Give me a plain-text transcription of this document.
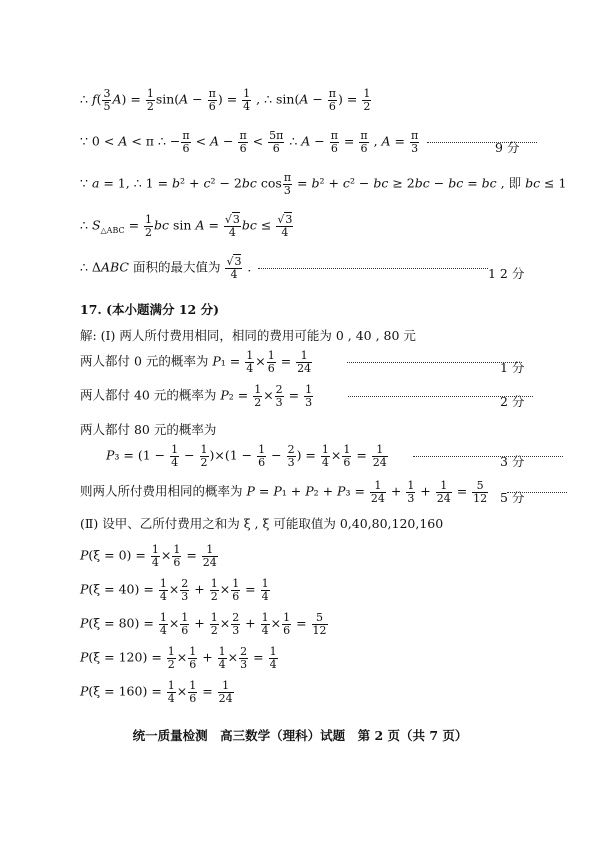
∴ $f( \frac{3}{5} A) = \frac{1}{2} \sin(A - \frac{\pi}{6}$ ) = $\frac{1}{4}$ , ∴ $\sin(A - \frac{\pi}{6}$ ) = $\frac{1}{2}$
∵ 0 < A < π ∴ − $\frac{\pi}{6} < A - \frac{\pi}{6} < \frac{5\pi}{6}$ ∴ $A - \frac{\pi}{6} = \frac{\pi}{6}$ , $A = \frac{\pi}{3}$
	9 分
∵ a = 1, ∴ 1 = b² + c² − 2bc $\cos \frac{\pi}{3} = b^2 + c^2$ − bc ≥ 2bc − bc = bc , 即 bc ≤ 1
∴ $S_{\triangle ABC} = \frac{1}{2}$ bc $\sin A = \frac{√3}{4}$ bc ≤ $\frac{√3}{4}$
∴ ΔABC 面积的最大值为 $\frac{√3}{4}$ .	1 2 分
17. (本小题满分 12 分)
解: (Ⅰ) 两人所付费用相同，相同的费用可能为 0 , 40 , 80 元
两人都付 0 元的概率为 $P_1 = \frac{1}{4} \times \frac{1}{6} = \frac{1}{24}$
	1 分
两人都付 40 元的概率为 $P_2 = \frac{1}{2} \times \frac{2}{3} = \frac{1}{3}$
	2 分
两人都付 80 元的概率为
$P_3 = (1 - \frac{1}{4} - \frac{1}{2} )\times(1 - \frac{1}{6} - \frac{2}{3}$ ) = $\frac{1}{4} \times \frac{1}{6} = \frac{1}{24}$
	3 分
则两人所付费用相同的概率为 $P = P_1 + P_2 + P_3 = \frac{1}{24} + \frac{1}{3} + \frac{1}{24} = \frac{5}{12}$
5 分
(Ⅱ) 设甲、乙所付费用之和为 ξ , ξ 可能取值为 0,40,80,120,160
$P(\xi = 0) = \frac{1}{4} \times \frac{1}{6} = \frac{1}{24}$
$P(\xi = 40) = \frac{1}{4} \times \frac{2}{3} + \frac{1}{2} \times \frac{1}{6} = \frac{1}{4}$
$P(\xi = 80) = \frac{1}{4} \times \frac{1}{6} + \frac{1}{2} \times \frac{2}{3} + \frac{1}{4} \times \frac{1}{6} = \frac{5}{12}$
$P(\xi = 120) = \frac{1}{2} \times \frac{1}{6} + \frac{1}{4} \times \frac{2}{3} = \frac{1}{4}$
$P(\xi = 160) = \frac{1}{4} \times \frac{1}{6} = \frac{1}{24}$
统一质量检测　高三数学（理科）试题　第 2 页（共 7 页）
